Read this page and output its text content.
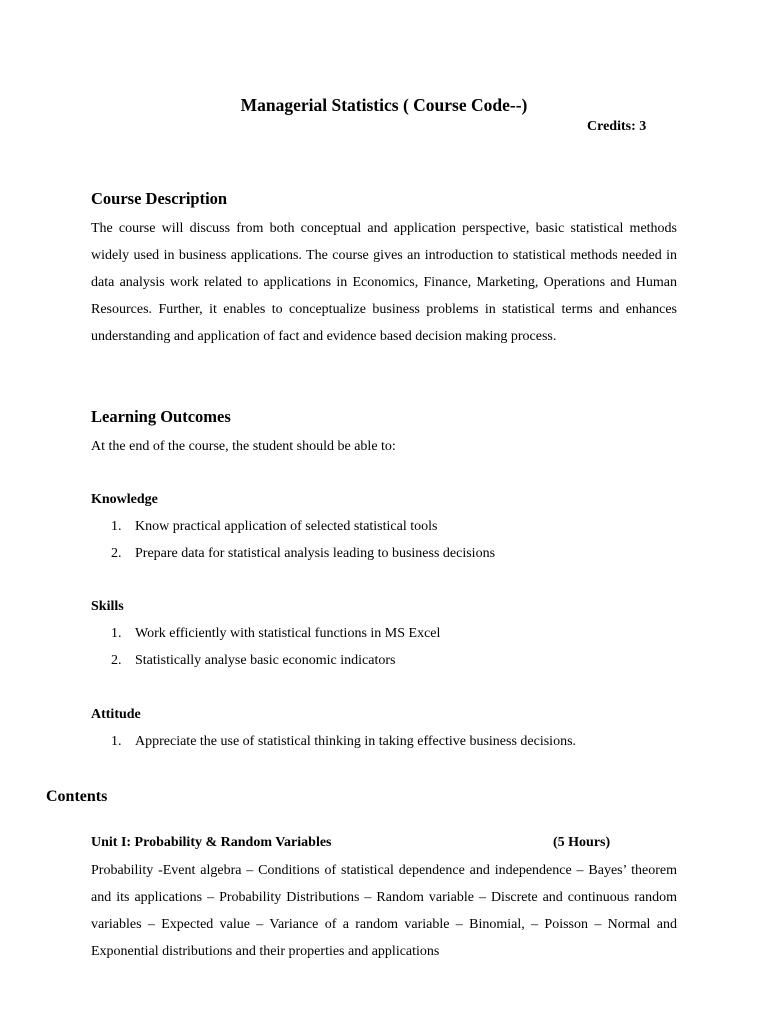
Managerial Statistics ( Course Code--)
Credits: 3
Course Description
The course will discuss from both conceptual and application perspective, basic statistical methods widely used in business applications. The course gives an introduction to statistical methods needed in data analysis work related to applications in Economics, Finance, Marketing, Operations and Human Resources. Further, it enables to conceptualize business problems in statistical terms and enhances understanding and application of fact and evidence based decision making process.
Learning Outcomes
At the end of the course, the student should be able to:
Knowledge
1. Know practical application of selected statistical tools
2. Prepare data for statistical analysis leading to business decisions
Skills
1. Work efficiently with statistical functions in MS Excel
2. Statistically analyse basic economic indicators
Attitude
1. Appreciate the use of statistical thinking in taking effective business decisions.
Contents
Unit I: Probability & Random Variables	(5 Hours)
Probability -Event algebra – Conditions of statistical dependence and independence – Bayes’ theorem and its applications – Probability Distributions – Random variable – Discrete and continuous random variables – Expected value – Variance of a random variable – Binomial, – Poisson – Normal and Exponential distributions and their properties and applications
